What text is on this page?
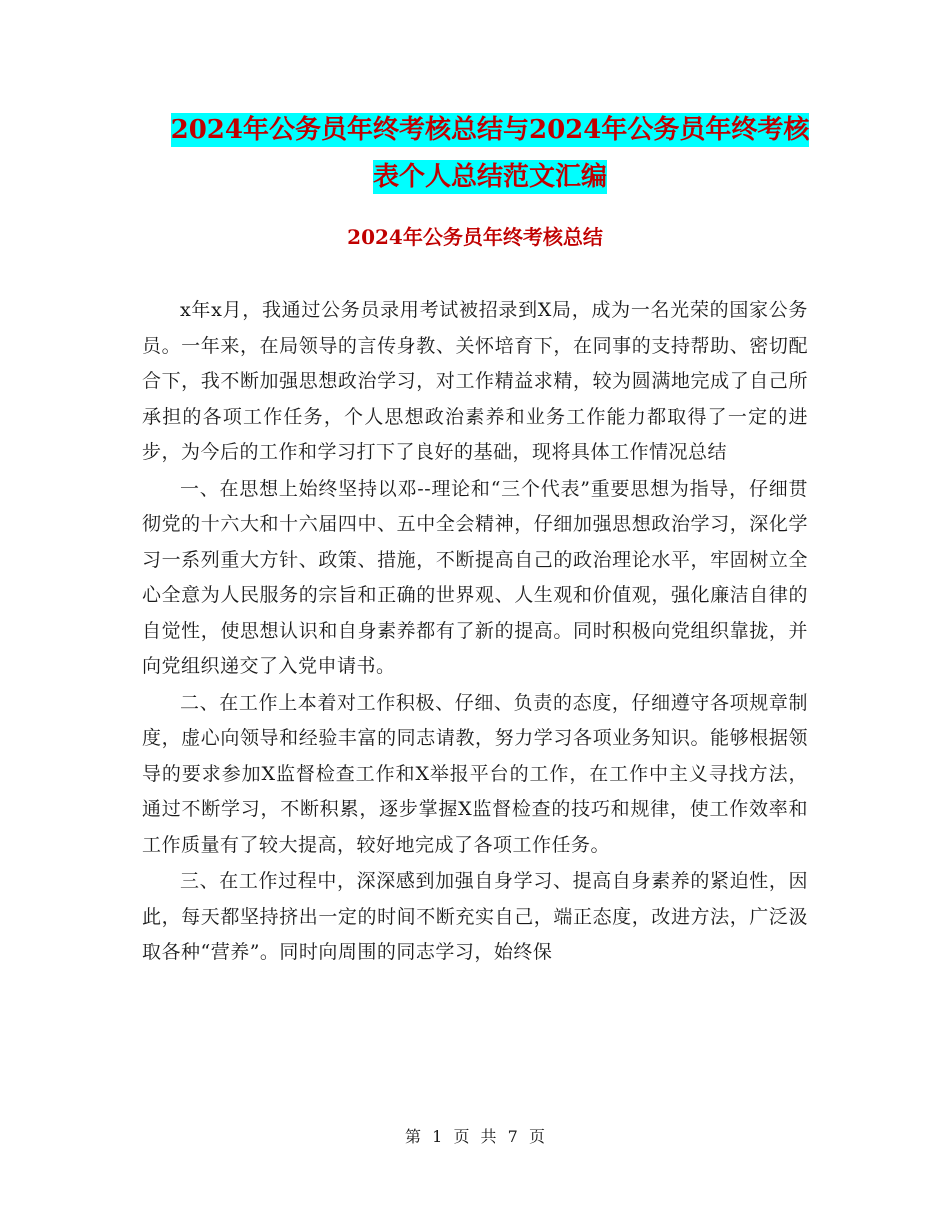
2024年公务员年终考核总结与2024年公务员年终考核
表个人总结范文汇编
2024年公务员年终考核总结

x年x月，我通过公务员录用考试被招录到X局，成为一名光荣的国家公务员。一年来，在局领导的言传身教、关怀培育下，在同事的支持帮助、密切配合下，我不断加强思想政治学习，对工作精益求精，较为圆满地完成了自己所承担的各项工作任务，个人思想政治素养和业务工作能力都取得了一定的进步，为今后的工作和学习打下了良好的基础，现将具体工作情况总结

一、在思想上始终坚持以邓--理论和“三个代表”重要思想为指导，仔细贯彻党的十六大和十六届四中、五中全会精神，仔细加强思想政治学习，深化学习一系列重大方针、政策、措施，不断提高自己的政治理论水平，牢固树立全心全意为人民服务的宗旨和正确的世界观、人生观和价值观，强化廉洁自律的自觉性，使思想认识和自身素养都有了新的提高。同时积极向党组织靠拢，并向党组织递交了入党申请书。

二、在工作上本着对工作积极、仔细、负责的态度，仔细遵守各项规章制度，虚心向领导和经验丰富的同志请教，努力学习各项业务知识。能够根据领导的要求参加X监督检查工作和X举报平台的工作，在工作中主义寻找方法，通过不断学习，不断积累，逐步掌握X监督检查的技巧和规律，使工作效率和工作质量有了较大提高，较好地完成了各项工作任务。

三、在工作过程中，深深感到加强自身学习、提高自身素养的紧迫性，因此，每天都坚持挤出一定的时间不断充实自己，端正态度，改进方法，广泛汲取各种“营养”。同时向周围的同志学习，始终保

第 1 页 共 7 页
